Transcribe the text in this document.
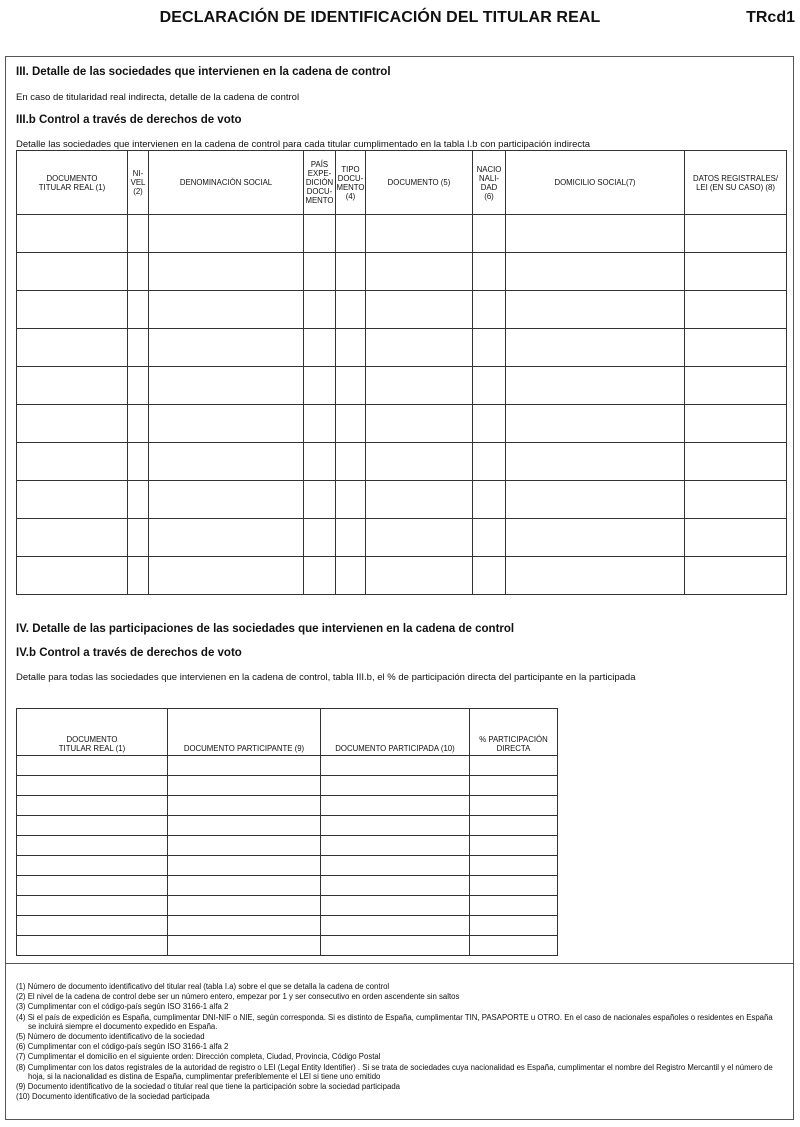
DECLARACIÓN DE IDENTIFICACIÓN DEL TITULAR REAL	TRcd1
III. Detalle de las sociedades que intervienen en la cadena de control
En caso de titularidad real indirecta, detalle de la cadena de control
III.b Control a través de derechos de voto
Detalle las sociedades que intervienen en la cadena de control para cada titular cumplimentado en la tabla I.b con participación indirecta
DOCUMENTO
TITULAR REAL (1)	NI-
VEL
(2)	DENOMINACIÓN SOCIAL	PAÍS
EXPE-
DICIÓN
DOCU-
MENTO	TIPO
DOCU-
MENTO
(4)	DOCUMENTO (5)	NACIO
NALI-
DAD
(6)	DOMICILIO SOCIAL(7)	DATOS REGISTRALES/
LEI (EN SU CASO) (8)

IV. Detalle de las participaciones de las sociedades que intervienen en la cadena de control
IV.b Control a través de derechos de voto
Detalle para todas las sociedades que intervienen en la cadena de control, tabla III.b, el % de participación directa del participante en la participada
DOCUMENTO
TITULAR REAL (1)	DOCUMENTO PARTICIPANTE (9)	DOCUMENTO PARTICIPADA (10)	% PARTICIPACIÓN
DIRECTA

(1) Número de documento identificativo del titular real (tabla I.a) sobre el que se detalla la cadena de control
(2) El nivel de la cadena de control debe ser un número entero, empezar por 1 y ser consecutivo en orden ascendente sin saltos
(3) Cumplimentar con el código-país según ISO 3166-1 alfa 2
(4) Si el país de expedición es España, cumplimentar DNI-NIF o NIE, según corresponda. Si es distinto de España, cumplimentar TIN, PASAPORTE u OTRO. En el caso de nacionales españoles o residentes en España se incluirá siempre el documento expedido en España.
(5) Número de documento identificativo de la sociedad
(6) Cumplimentar con el código-país según ISO 3166-1 alfa 2
(7) Cumplimentar el domicilio en el siguiente orden: Dirección completa, Ciudad, Provincia, Código Postal
(8) Cumplimentar con los datos registrales de la autoridad de registro o LEI (Legal Entity Identifier) . Si se trata de sociedades cuya nacionalidad es España, cumplimentar el nombre del Registro Mercantil y el número de hoja, si la nacionalidad es distina de España, cumplimentar preferiblemente el LEI si tiene uno emitido
(9) Documento identificativo de la sociedad o titular real que tiene la participación sobre la sociedad participada
(10) Documento identificativo de la sociedad participada
